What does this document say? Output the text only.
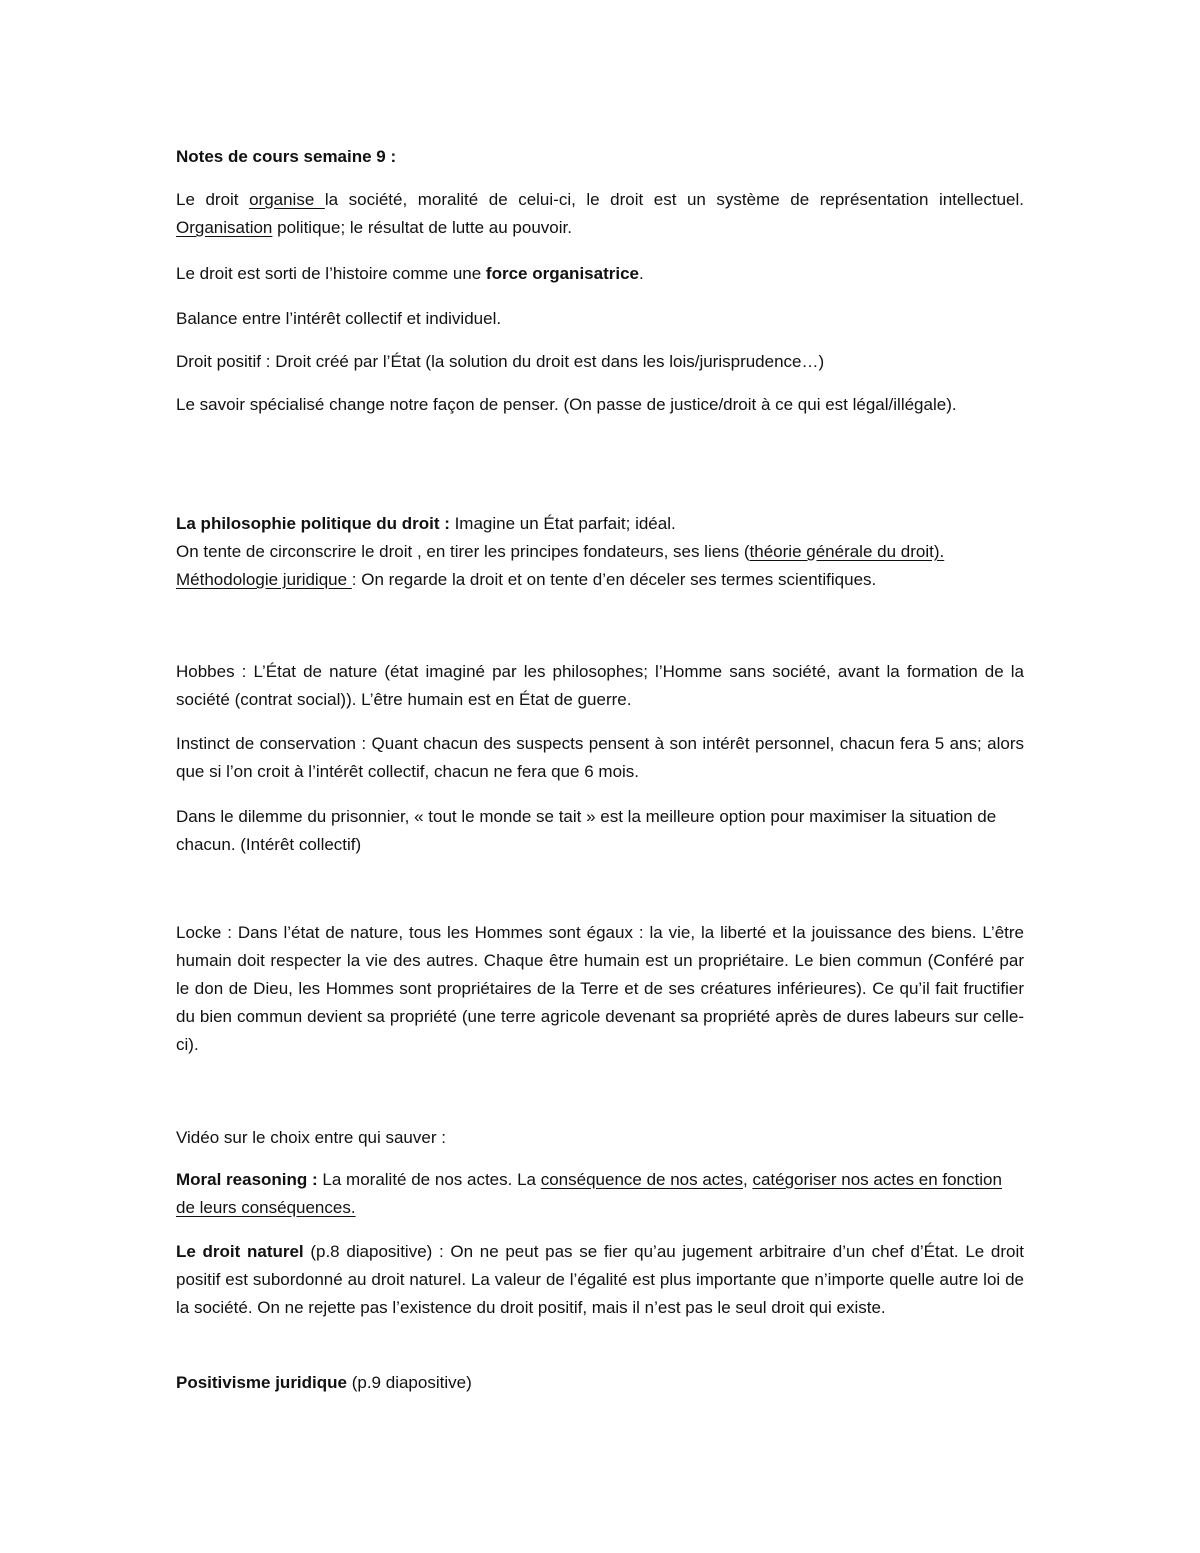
Notes de cours semaine 9 :

Le droit organise la société, moralité de celui-ci, le droit est un système de représentation intellectuel. Organisation politique; le résultat de lutte au pouvoir.

Le droit est sorti de l’histoire comme une force organisatrice.

Balance entre l’intérêt collectif et individuel.

Droit positif : Droit créé par l’État (la solution du droit est dans les lois/jurisprudence…)

Le savoir spécialisé change notre façon de penser. (On passe de justice/droit à ce qui est légal/illégale).

La philosophie politique du droit : Imagine un État parfait; idéal.
On tente de circonscrire le droit , en tirer les principes fondateurs, ses liens (théorie générale du droit).
Méthodologie juridique : On regarde la droit et on tente d’en déceler ses termes scientifiques.

Hobbes : L’État de nature (état imaginé par les philosophes; l’Homme sans société, avant la formation de la société (contrat social)). L’être humain est en État de guerre.

Instinct de conservation : Quant chacun des suspects pensent à son intérêt personnel, chacun fera 5 ans; alors que si l’on croit à l’intérêt collectif, chacun ne fera que 6 mois.

Dans le dilemme du prisonnier, « tout le monde se tait » est la meilleure option pour maximiser la situation de chacun. (Intérêt collectif)

Locke : Dans l’état de nature, tous les Hommes sont égaux : la vie, la liberté et la jouissance des biens. L’être humain doit respecter la vie des autres. Chaque être humain est un propriétaire. Le bien commun (Conféré par le don de Dieu, les Hommes sont propriétaires de la Terre et de ses créatures inférieures). Ce qu’il fait fructifier du bien commun devient sa propriété (une terre agricole devenant sa propriété après de dures labeurs sur celle-ci).

Vidéo sur le choix entre qui sauver :

Moral reasoning : La moralité de nos actes. La conséquence de nos actes, catégoriser nos actes en fonction de leurs conséquences.

Le droit naturel (p.8 diapositive) : On ne peut pas se fier qu’au jugement arbitraire d’un chef d’État. Le droit positif est subordonné au droit naturel. La valeur de l’égalité est plus importante que n’importe quelle autre loi de la société. On ne rejette pas l’existence du droit positif, mais il n’est pas le seul droit qui existe.

Positivisme juridique (p.9 diapositive)
